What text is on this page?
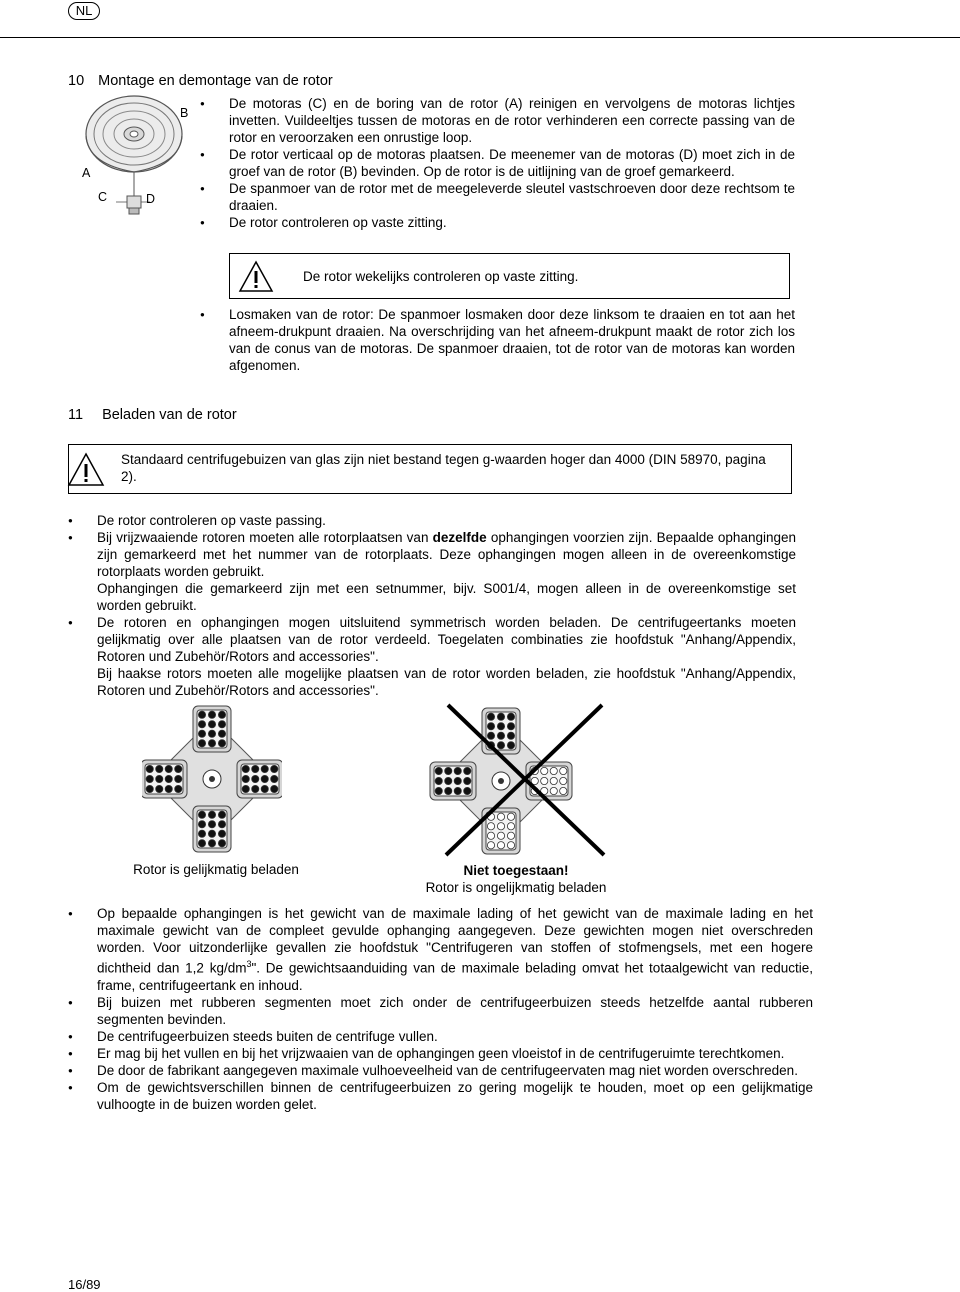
NL
10 Montage en demontage van de rotor
B
A
C	D
● De motoras (C) en de boring van de rotor (A) reinigen en vervolgens de motoras lichtjes invetten. Vuildeeltjes tussen de motoras en de rotor verhinderen een correcte passing van de rotor en veroorzaken een onrustige loop.
● De rotor verticaal op de motoras plaatsen. De meenemer van de motoras (D) moet zich in de groef van de rotor (B) bevinden. Op de rotor is de uitlijning van de groef gemarkeerd.
● De spanmoer van de rotor met de meegeleverde sleutel vastschroeven door deze rechtsom te draaien.
● De rotor controleren op vaste zitting.
De rotor wekelijks controleren op vaste zitting.
● Losmaken van de rotor: De spanmoer losmaken door deze linksom te draaien en tot aan het afneem-drukpunt draaien. Na overschrijding van het afneem-drukpunt maakt de rotor zich los van de conus van de motoras. De spanmoer draaien, tot de rotor van de motoras kan worden afgenomen.
11 Beladen van de rotor
Standaard centrifugebuizen van glas zijn niet bestand tegen g-waarden hoger dan 4000 (DIN 58970, pagina 2).
● De rotor controleren op vaste passing.
● Bij vrijzwaaiende rotoren moeten alle rotorplaatsen van dezelfde ophangingen voorzien zijn. Bepaalde ophangingen zijn gemarkeerd met het nummer van de rotorplaats. Deze ophangingen mogen alleen in de overeenkomstige rotorplaats worden gebruikt.
Ophangingen die gemarkeerd zijn met een setnummer, bijv. S001/4, mogen alleen in de overeenkomstige set worden gebruikt.
● De rotoren en ophangingen mogen uitsluitend symmetrisch worden beladen. De centrifugeertanks moeten gelijkmatig over alle plaatsen van de rotor verdeeld. Toegelaten combinaties zie hoofdstuk "Anhang/Appendix, Rotoren und Zubehör/Rotors and accessories".
Bij haakse rotors moeten alle mogelijke plaatsen van de rotor worden beladen, zie hoofdstuk "Anhang/Appendix, Rotoren und Zubehör/Rotors and accessories".
Rotor is gelijkmatig beladen	Niet toegestaan!
Rotor is ongelijkmatig beladen
● Op bepaalde ophangingen is het gewicht van de maximale lading of het gewicht van de maximale lading en het maximale gewicht van de compleet gevulde ophanging aangegeven. Deze gewichten mogen niet overschreden worden. Voor uitzonderlijke gevallen zie hoofdstuk "Centrifugeren van stoffen of stofmengsels, met een hogere dichtheid dan 1,2 $kg/dm^3$". De gewichtsaanduiding van de maximale belading omvat het totaalgewicht van reductie, frame, centrifugeertank en inhoud.
● Bij buizen met rubberen segmenten moet zich onder de centrifugeerbuizen steeds hetzelfde aantal rubberen segmenten bevinden.
● De centrifugeerbuizen steeds buiten de centrifuge vullen.
● Er mag bij het vullen en bij het vrijzwaaien van de ophangingen geen vloeistof in de centrifugeruimte terechtkomen.
● De door de fabrikant aangegeven maximale vulhoeveelheid van de centrifugeervaten mag niet worden overschreden.
● Om de gewichtsverschillen binnen de centrifugeerbuizen zo gering mogelijk te houden, moet op een gelijkmatige vulhoogte in de buizen worden gelet.
16/89
